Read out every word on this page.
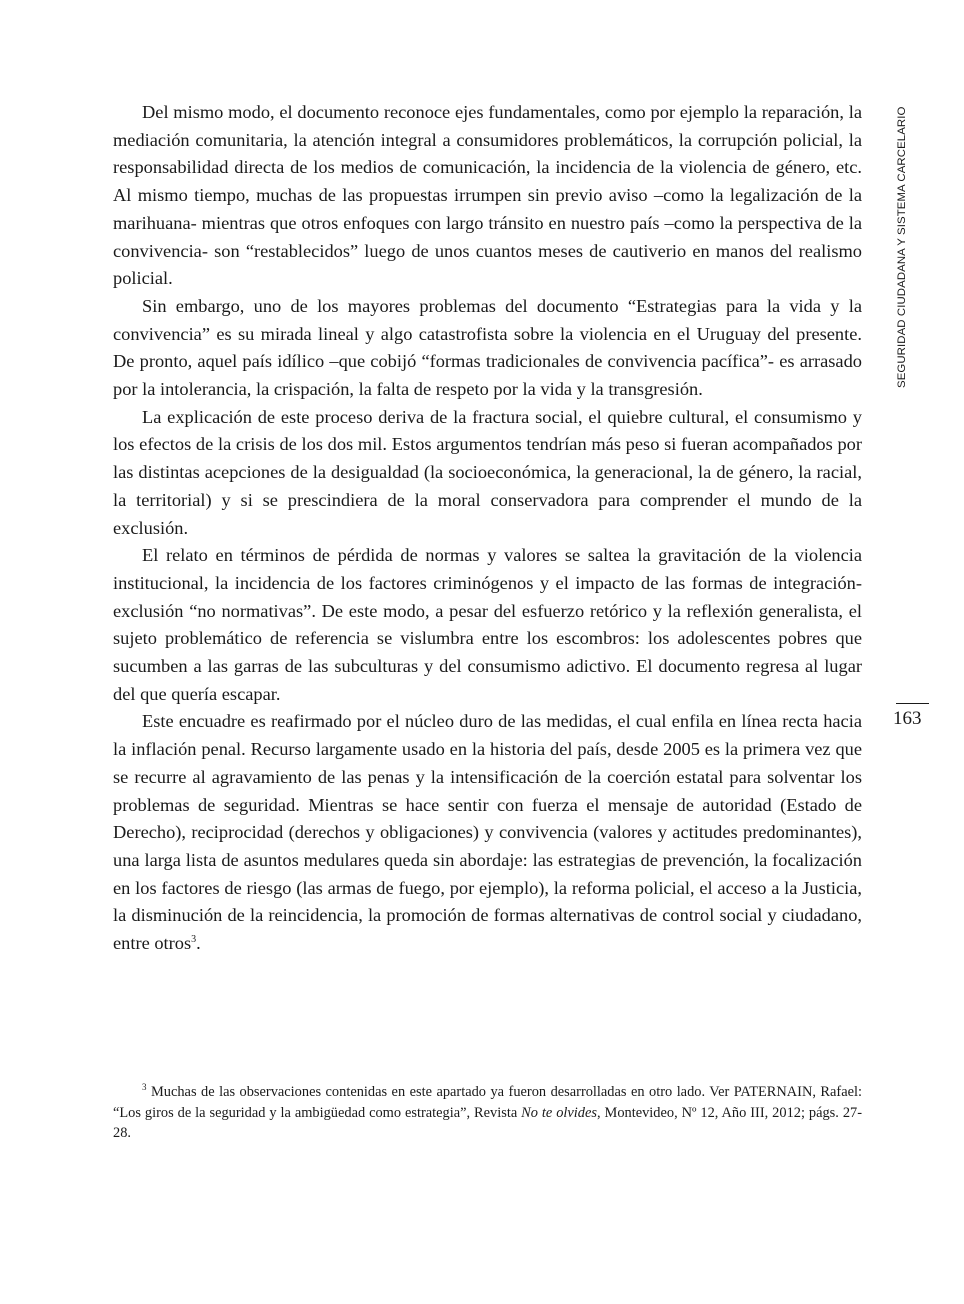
Del mismo modo, el documento reconoce ejes fundamentales, como por ejemplo la reparación, la mediación comunitaria, la atención integral a consumidores problemáticos, la corrupción policial, la responsabilidad directa de los medios de comunicación, la incidencia de la violencia de género, etc. Al mismo tiempo, muchas de las propuestas irrumpen sin previo aviso –como la legalización de la marihuana- mientras que otros enfoques con largo tránsito en nuestro país –como la perspectiva de la convivencia- son “restablecidos” luego de unos cuantos meses de cautiverio en manos del realismo policial.

Sin embargo, uno de los mayores problemas del documento “Estrategias para la vida y la convivencia” es su mirada lineal y algo catastrofista sobre la violencia en el Uruguay del presente. De pronto, aquel país idílico –que cobijó “formas tradicionales de convivencia pacífica”- es arrasado por la intolerancia, la crispación, la falta de respeto por la vida y la transgresión.

La explicación de este proceso deriva de la fractura social, el quiebre cultural, el consumismo y los efectos de la crisis de los dos mil. Estos argumentos tendrían más peso si fueran acompañados por las distintas acepciones de la desigualdad (la socioeconómica, la generacional, la de género, la racial, la territorial) y si se prescindiera de la moral conservadora para comprender el mundo de la exclusión.

El relato en términos de pérdida de normas y valores se saltea la gravitación de la violencia institucional, la incidencia de los factores criminógenos y el impacto de las formas de integración-exclusión “no normativas”. De este modo, a pesar del esfuerzo retórico y la reflexión generalista, el sujeto problemático de referencia se vislumbra entre los escombros: los adolescentes pobres que sucumben a las garras de las subculturas y del consumismo adictivo. El documento regresa al lugar del que quería escapar.

Este encuadre es reafirmado por el núcleo duro de las medidas, el cual enfila en línea recta hacia la inflación penal. Recurso largamente usado en la historia del país, desde 2005 es la primera vez que se recurre al agravamiento de las penas y la intensificación de la coerción estatal para solventar los problemas de seguridad. Mientras se hace sentir con fuerza el mensaje de autoridad (Estado de Derecho), reciprocidad (derechos y obligaciones) y convivencia (valores y actitudes predominantes), una larga lista de asuntos medulares queda sin abordaje: las estrategias de prevención, la focalización en los factores de riesgo (las armas de fuego, por ejemplo), la reforma policial, el acceso a la Justicia, la disminución de la reincidencia, la promoción de formas alternativas de control social y ciudadano, entre otros$^3$.

$^3$ Muchas de las observaciones contenidas en este apartado ya fueron desarrolladas en otro lado. Ver PATERNAIN, Rafael: “Los giros de la seguridad y la ambigüedad como estrategia”, Revista No te olvides, Montevideo, Nº 12, Año III, 2012; págs. 27-28.

SEGURIDAD CIUDADANA Y SISTEMA CARCELARIO
163
